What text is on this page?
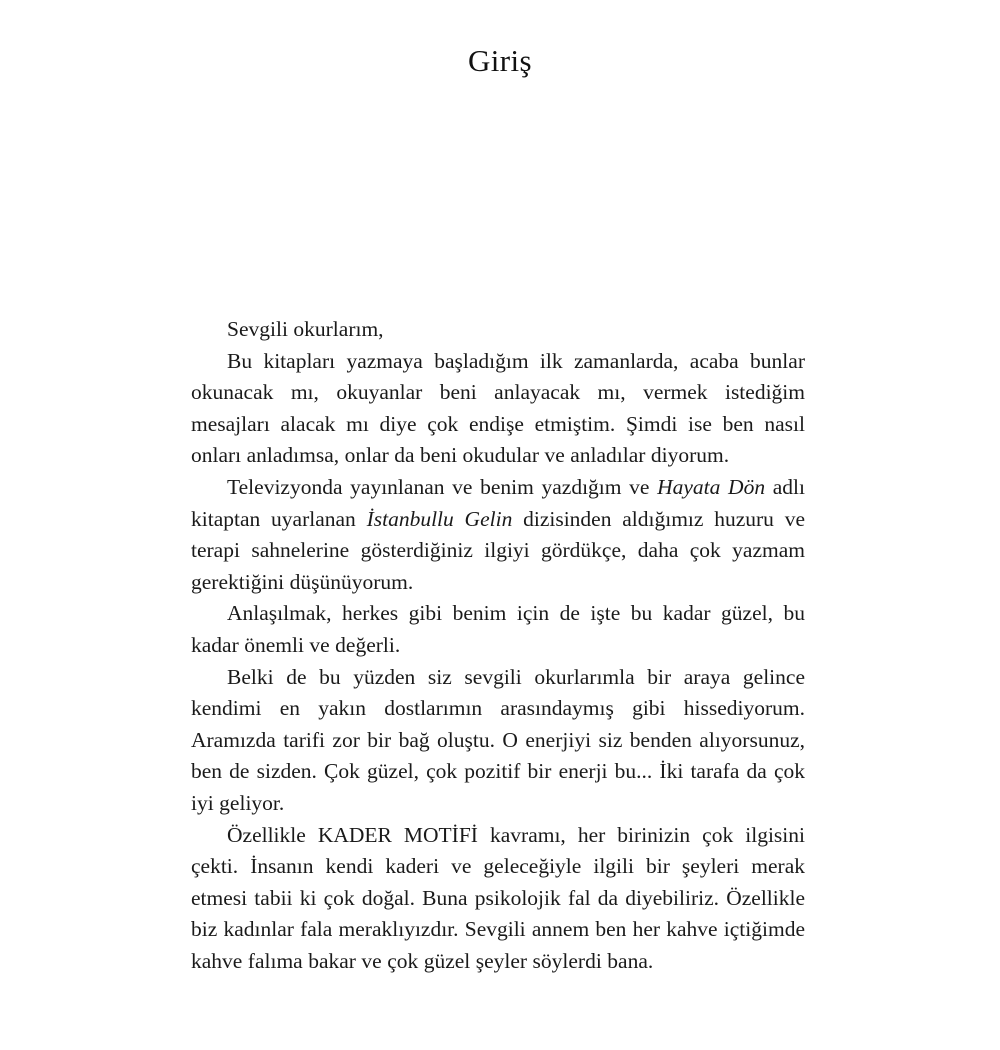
Giriş

Sevgili okurlarım,

Bu kitapları yazmaya başladığım ilk zamanlarda, acaba bunlar okunacak mı, okuyanlar beni anlayacak mı, vermek istediğim mesajları alacak mı diye çok endişe etmiştim. Şimdi ise ben nasıl onları anladımsa, onlar da beni okudular ve anladılar diyorum.

Televizyonda yayınlanan ve benim yazdığım ve Hayata Dön adlı kitaptan uyarlanan İstanbullu Gelin dizisinden aldığımız huzuru ve terapi sahnelerine gösterdiğiniz ilgiyi gördükçe, daha çok yazmam gerektiğini düşünüyorum.

Anlaşılmak, herkes gibi benim için de işte bu kadar güzel, bu kadar önemli ve değerli.

Belki de bu yüzden siz sevgili okurlarımla bir araya gelince kendimi en yakın dostlarımın arasındaymış gibi hissediyorum. Aramızda tarifi zor bir bağ oluştu. O enerjiyi siz benden alıyorsunuz, ben de sizden. Çok güzel, çok pozitif bir enerji bu... İki tarafa da çok iyi geliyor.

Özellikle KADER MOTİFİ kavramı, her birinizin çok ilgisini çekti. İnsanın kendi kaderi ve geleceğiyle ilgili bir şeyleri merak etmesi tabii ki çok doğal. Buna psikolojik fal da diyebiliriz. Özellikle biz kadınlar fala meraklıyızdır. Sevgili annem ben her kahve içtiğimde kahve falıma bakar ve çok güzel şeyler söylerdi bana.
